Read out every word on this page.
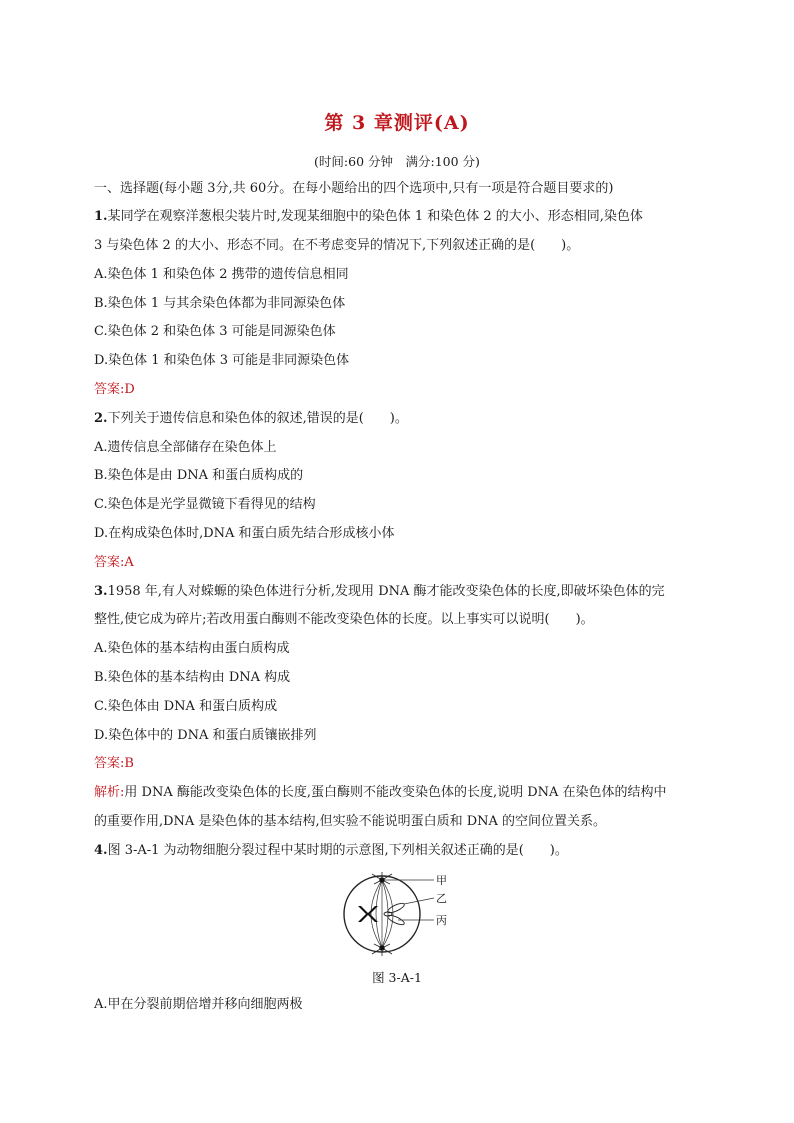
第 3 章测评(A)
(时间:60 分钟　满分:100 分)
一、选择题(每小题 3分,共 60分。在每小题给出的四个选项中,只有一项是符合题目要求的)
1.某同学在观察洋葱根尖装片时,发现某细胞中的染色体 1 和染色体 2 的大小、形态相同,染色体
3 与染色体 2 的大小、形态不同。在不考虑变异的情况下,下列叙述正确的是(　　)。
A.染色体 1 和染色体 2 携带的遗传信息相同
B.染色体 1 与其余染色体都为非同源染色体
C.染色体 2 和染色体 3 可能是同源染色体
D.染色体 1 和染色体 3 可能是非同源染色体
答案:D
2.下列关于遗传信息和染色体的叙述,错误的是(　　)。
A.遗传信息全部储存在染色体上
B.染色体是由 DNA 和蛋白质构成的
C.染色体是光学显微镜下看得见的结构
D.在构成染色体时,DNA 和蛋白质先结合形成核小体
答案:A
3.1958 年,有人对蝾螈的染色体进行分析,发现用 DNA 酶才能改变染色体的长度,即破坏染色体的完
整性,使它成为碎片;若改用蛋白酶则不能改变染色体的长度。以上事实可以说明(　　)。
A.染色体的基本结构由蛋白质构成
B.染色体的基本结构由 DNA 构成
C.染色体由 DNA 和蛋白质构成
D.染色体中的 DNA 和蛋白质镶嵌排列
答案:B
解析:用 DNA 酶能改变染色体的长度,蛋白酶则不能改变染色体的长度,说明 DNA 在染色体的结构中
的重要作用,DNA 是染色体的基本结构,但实验不能说明蛋白质和 DNA 的空间位置关系。
4.图 3-A-1 为动物细胞分裂过程中某时期的示意图,下列相关叙述正确的是(　　)。
甲
乙
丙
图 3-A-1
A.甲在分裂前期倍增并移向细胞两极
